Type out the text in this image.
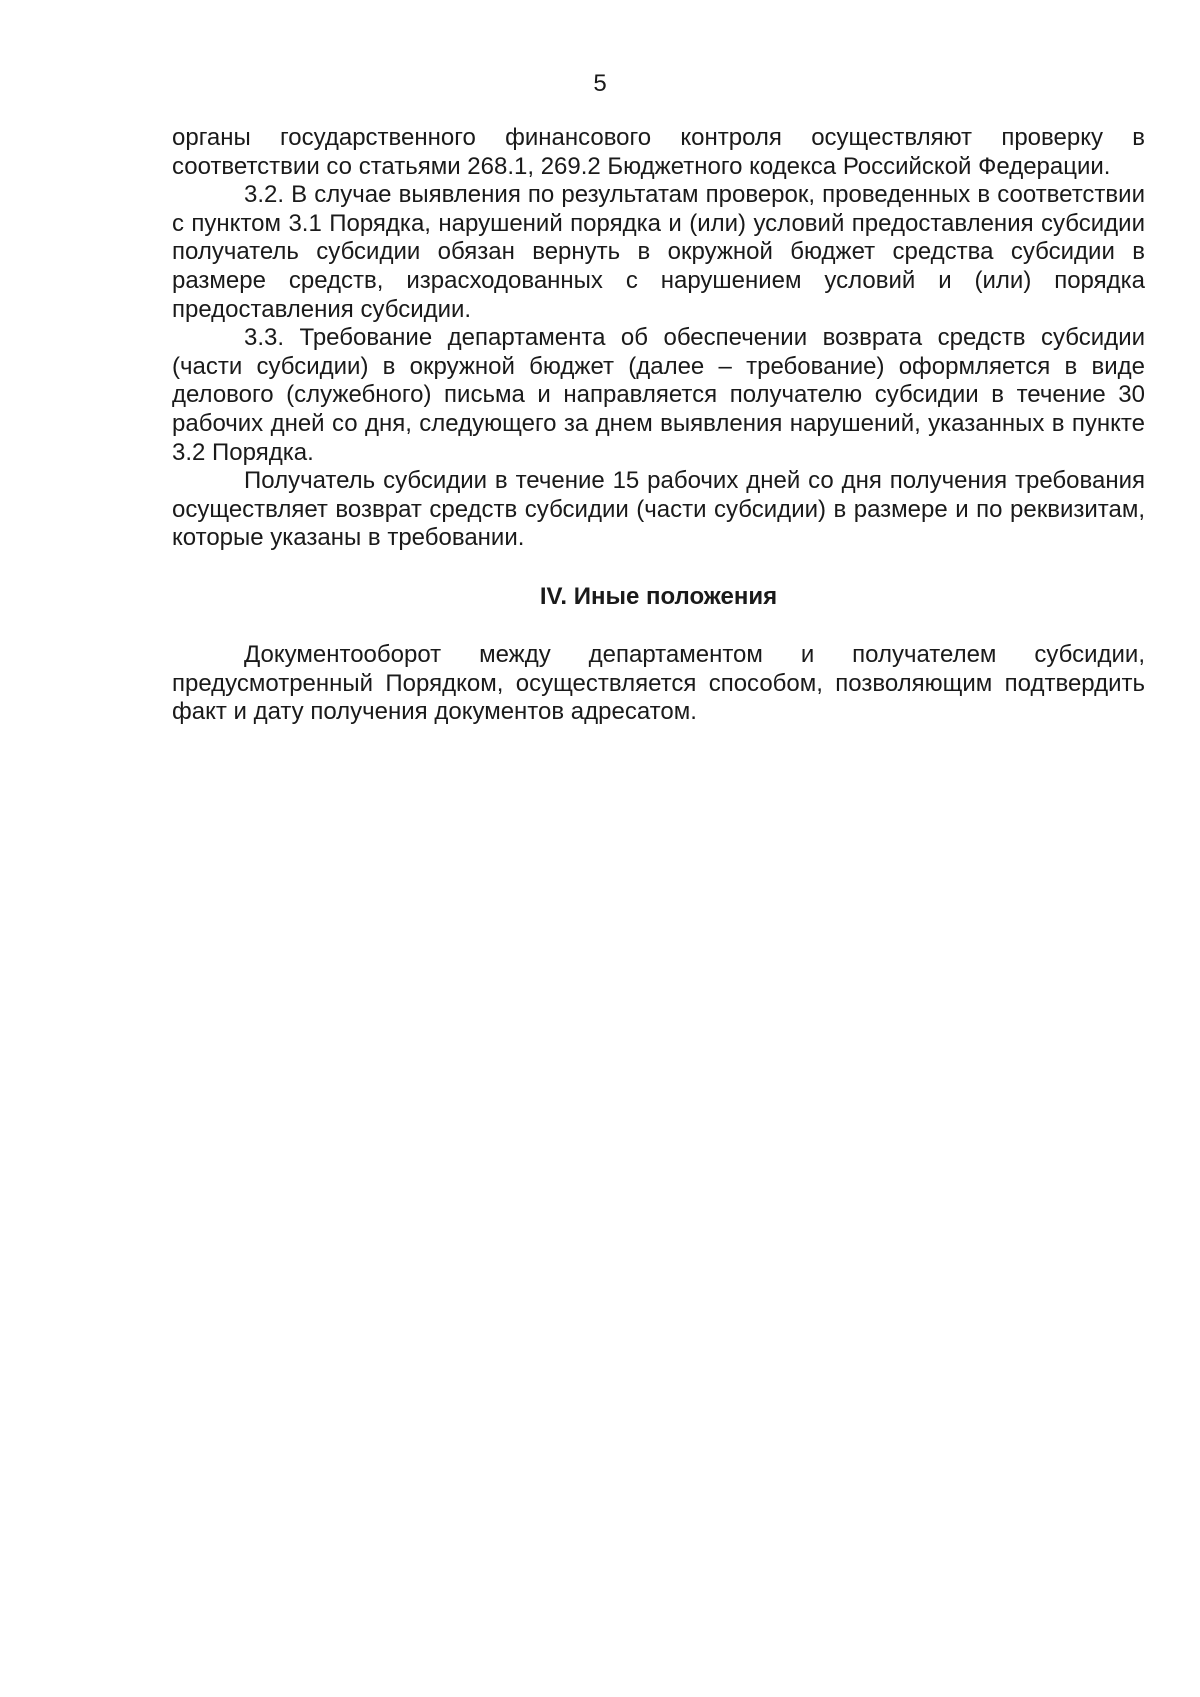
5

органы государственного финансового контроля осуществляют проверку в соответствии со статьями 268.1, 269.2 Бюджетного кодекса Российской Федерации.

3.2. В случае выявления по результатам проверок, проведенных в соответствии с пунктом 3.1 Порядка, нарушений порядка и (или) условий предоставления субсидии получатель субсидии обязан вернуть в окружной бюджет средства субсидии в размере средств, израсходованных с нарушением условий и (или) порядка предоставления субсидии.

3.3. Требование департамента об обеспечении возврата средств субсидии (части субсидии) в окружной бюджет (далее – требование) оформляется в виде делового (служебного) письма и направляется получателю субсидии в течение 30 рабочих дней со дня, следующего за днем выявления нарушений, указанных в пункте 3.2 Порядка.

Получатель субсидии в течение 15 рабочих дней со дня получения требования осуществляет возврат средств субсидии (части субсидии) в размере и по реквизитам, которые указаны в требовании.

IV. Иные положения

Документооборот между департаментом и получателем субсидии, предусмотренный Порядком, осуществляется способом, позволяющим подтвердить факт и дату получения документов адресатом.
